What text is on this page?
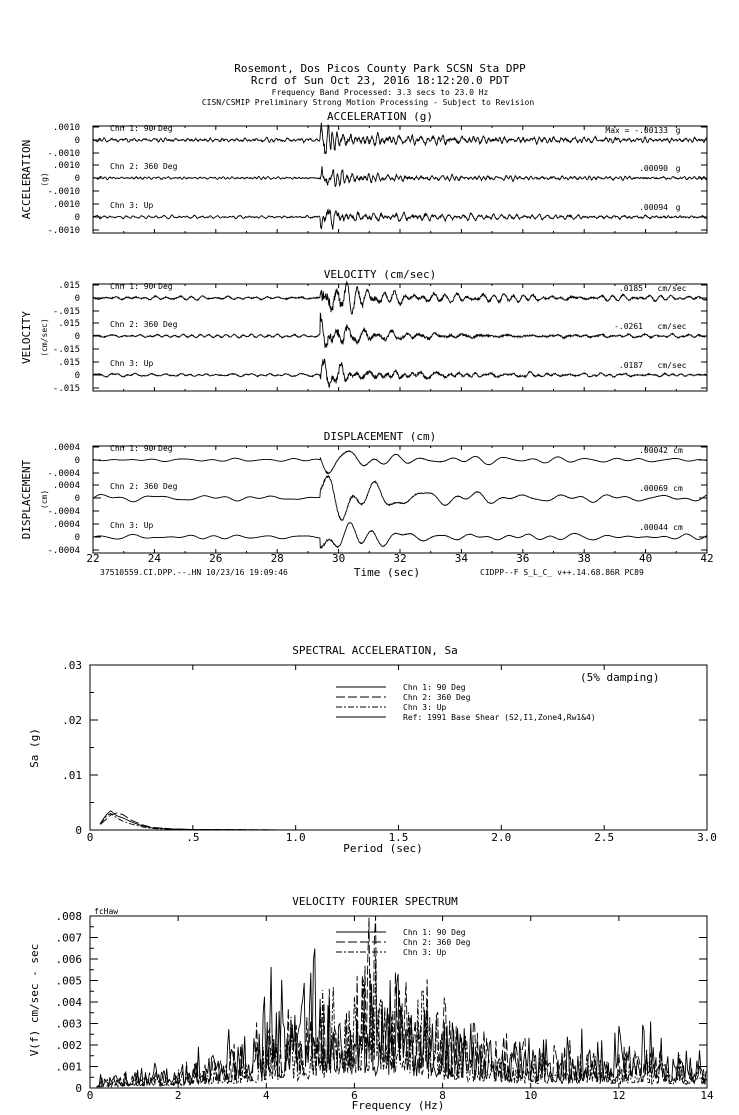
Rosemont, Dos Picos County Park SCSN Sta DPP
Rcrd of Sun Oct 23, 2016 18:12:20.0 PDT
Frequency Band Processed: 3.3 secs to 23.0 Hz
CISN/CSMIP Preliminary Strong Motion Processing - Subject to Revision
ACCELERATION (g)
ACCELERATION (g)
Chn 1: 90 Deg	Max = -.00133 g
.0010
0
-.0010
Chn 2: 360 Deg	.00090 g
.0010
0
-.0010
Chn 3: Up	.00094 g
.0010
0
-.0010
VELOCITY (cm/sec)
VELOCITY (cm/sec)
Chn 1: 90 Deg	.0185 cm/sec
.015
0
-.015
Chn 2: 360 Deg	-.0261 cm/sec
.015
0
-.015
Chn 3: Up	.0187 cm/sec
.015
0
-.015
DISPLACEMENT (cm)
DISPLACEMENT (cm)
Chn 1: 90 Deg	.00042 cm
.0004
0
-.0004
Chn 2: 360 Deg	.00069 cm
.0004
0
-.0004
Chn 3: Up	.00044 cm
.0004
0
-.0004
22	24	26	28	30	32	34	36	38	40	42
Time (sec)
37510559.CI.DPP.--.HN 10/23/16 19:09:46	CIDPP--F S_L_C_ v++.14.68.86R PC89
SPECTRAL ACCELERATION, Sa
(5% damping)
Sa (g)
Period (sec)
0	.5	1.0	1.5	2.0	2.5	3.0
0
.01
.02
.03
Chn 1: 90 Deg
Chn 2: 360 Deg
Chn 3: Up
Ref: 1991 Base Shear (S2,I1,Zone4,Rw1&4)
VELOCITY FOURIER SPECTRUM
fcHaw
V(f) cm/sec - sec
Frequency (Hz)
0	2	4	6	8	10	12	14
0
.001
.002
.003
.004
.005
.006
.007
.008
Chn 1: 90 Deg
Chn 2: 360 Deg
Chn 3: Up
